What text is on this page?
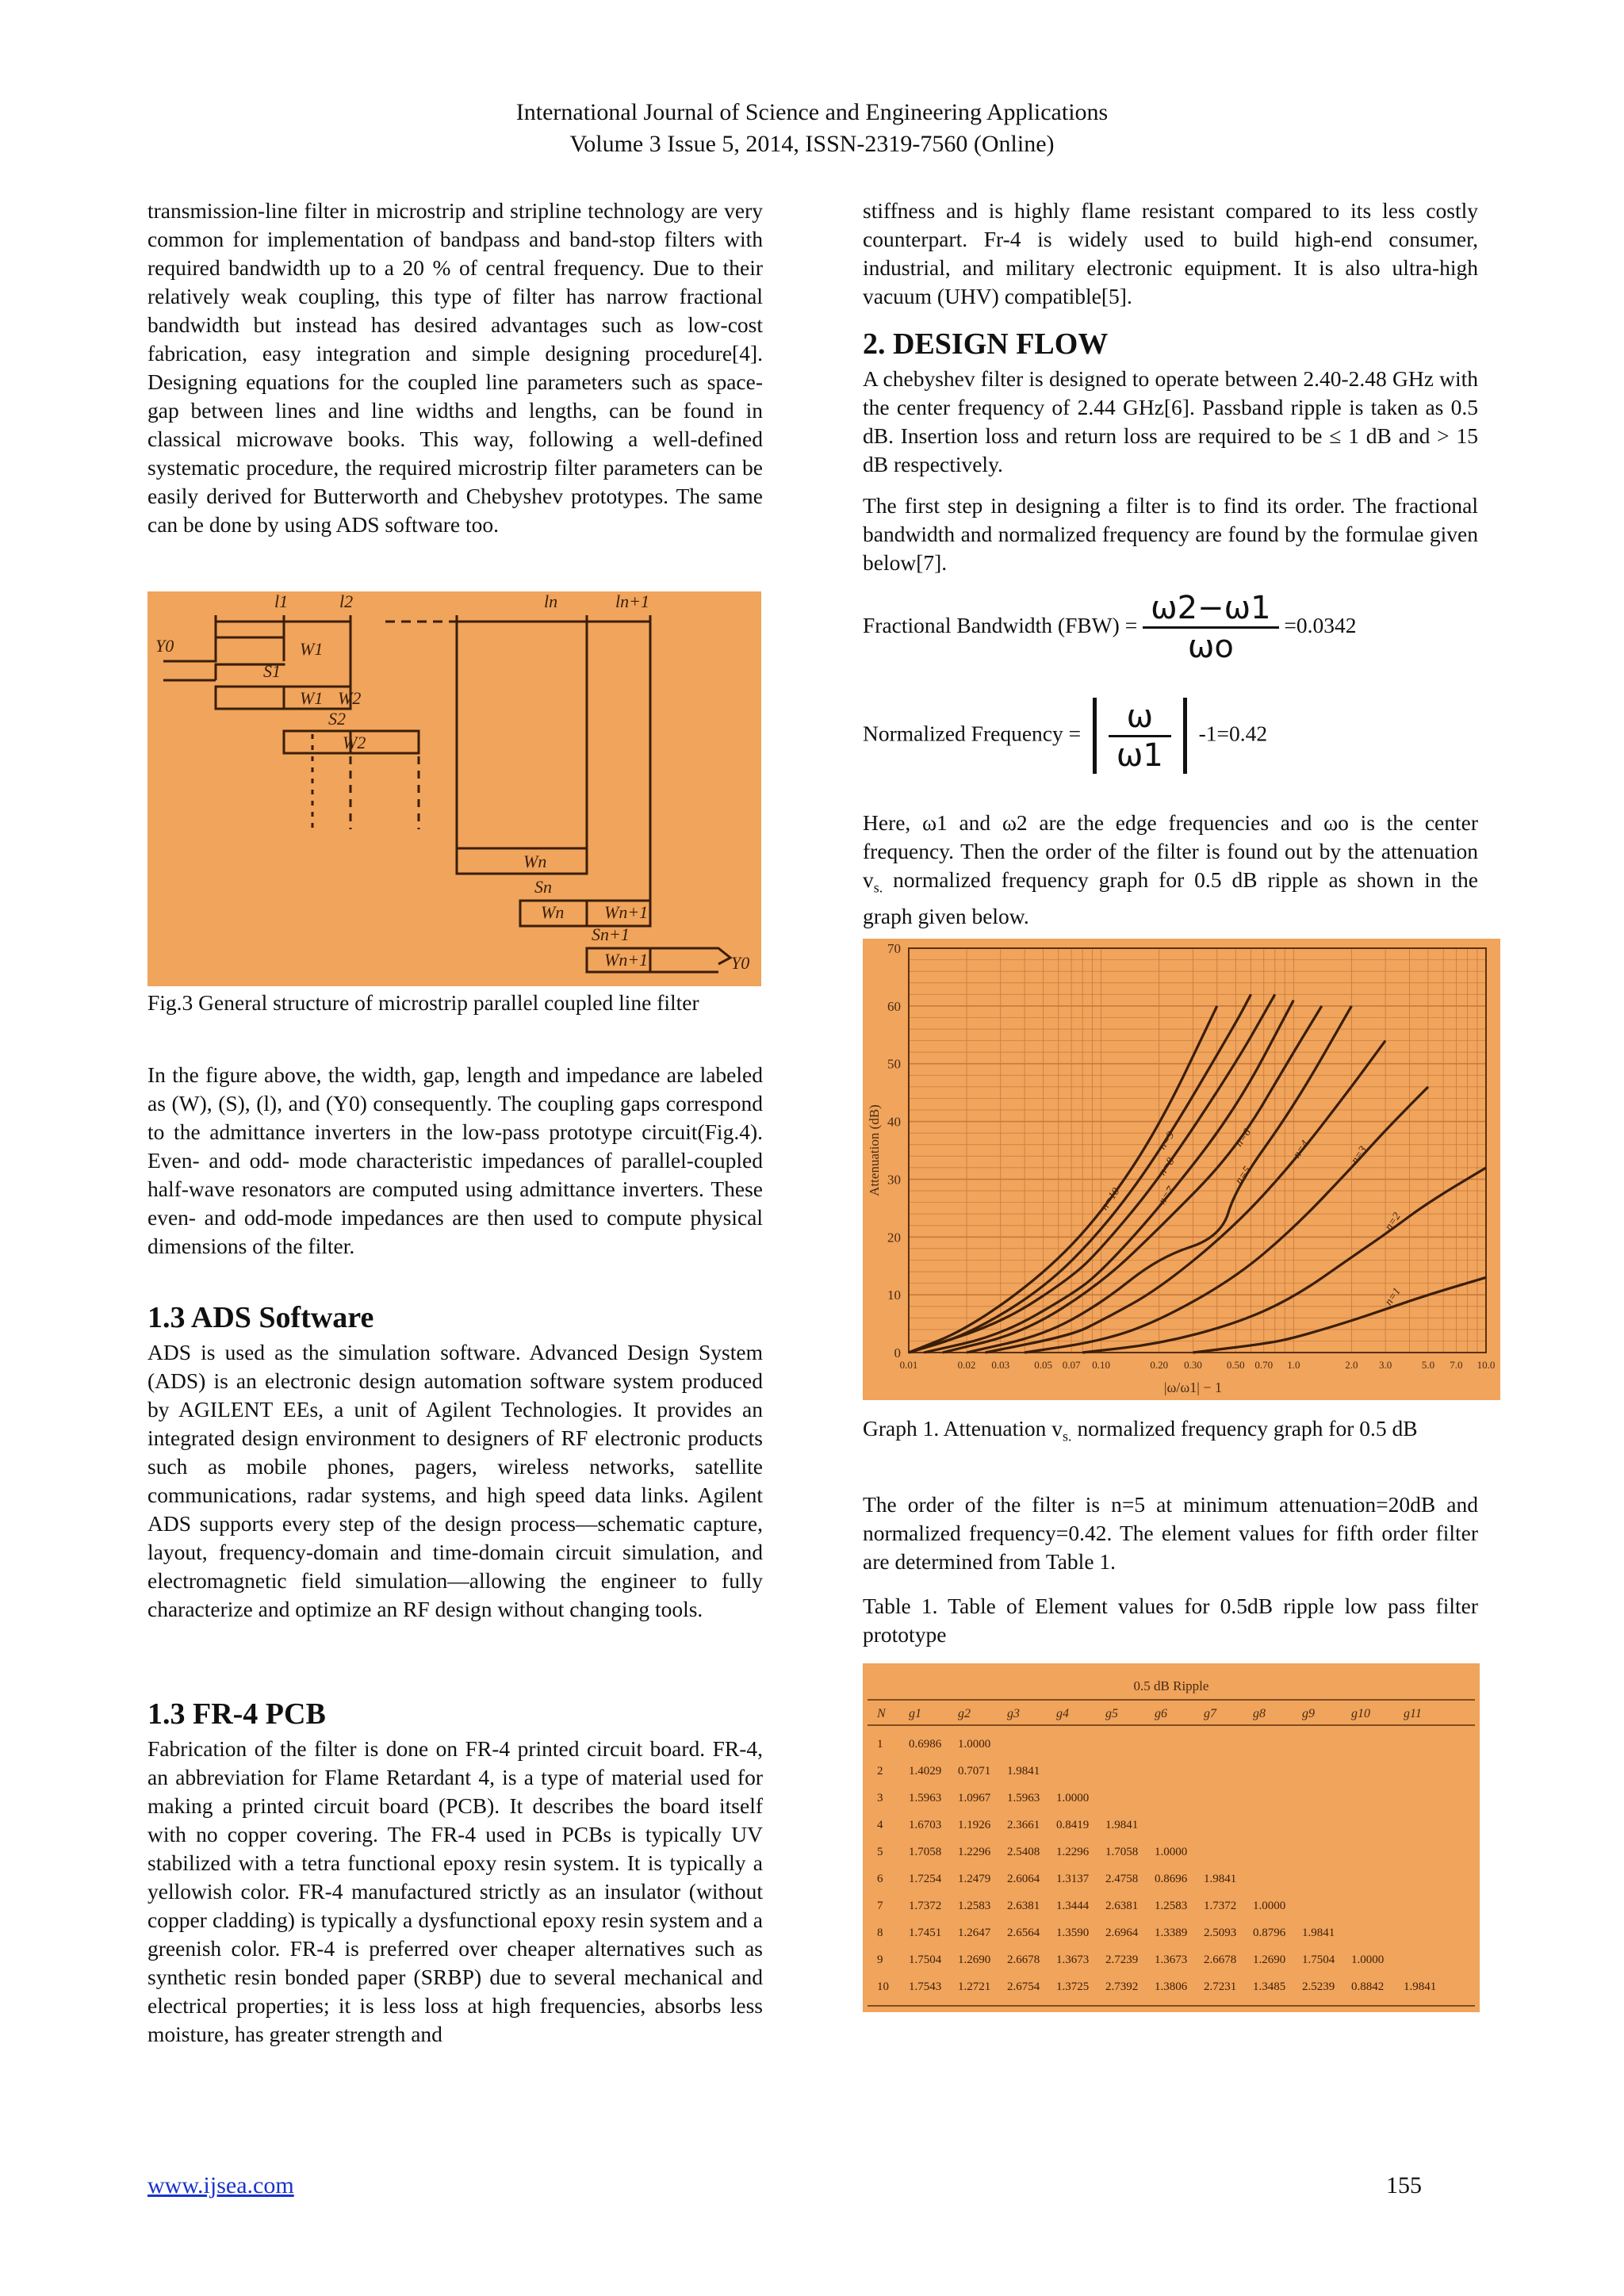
International Journal of Science and Engineering Applications
Volume 3 Issue 5, 2014, ISSN-2319-7560 (Online)

transmission-line filter in microstrip and stripline technology are very common for implementation of bandpass and band-stop filters with required bandwidth up to a 20 % of central frequency. Due to their relatively weak coupling, this type of filter has narrow fractional bandwidth but instead has desired advantages such as low-cost fabrication, easy integration and simple designing procedure[4]. Designing equations for the coupled line parameters such as space-gap between lines and line widths and lengths, can be found in classical microwave books. This way, following a well-defined systematic procedure, the required microstrip filter parameters can be easily derived for Butterworth and Chebyshev prototypes. The same can be done by using ADS software too.

l1	l2	ln	ln+1
Y0	W1
S1
W1 W2
S2
W2
Wn
Sn
Wn Wn+1
Sn+1
Wn+1	Y0
Fig.3 General structure of microstrip parallel coupled line filter

In the figure above, the width, gap, length and impedance are labeled as (W), (S), (l), and (Y0) consequently. The coupling gaps correspond to the admittance inverters in the low-pass prototype circuit(Fig.4). Even- and odd- mode characteristic impedances of parallel-coupled half-wave resonators are computed using admittance inverters. These even- and odd-mode impedances are then used to compute physical dimensions of the filter.

1.3 ADS Software

ADS is used as the simulation software. Advanced Design System (ADS) is an electronic design automation software system produced by AGILENT EEs, a unit of Agilent Technologies. It provides an integrated design environment to designers of RF electronic products such as mobile phones, pagers, wireless networks, satellite communications, radar systems, and high speed data links. Agilent ADS supports every step of the design process—schematic capture, layout, frequency-domain and time-domain circuit simulation, and electromagnetic field simulation—allowing the engineer to fully characterize and optimize an RF design without changing tools.

1.3 FR-4 PCB

Fabrication of the filter is done on FR-4 printed circuit board. FR-4, an abbreviation for Flame Retardant 4, is a type of material used for making a printed circuit board (PCB). It describes the board itself with no copper covering. The FR-4 used in PCBs is typically UV stabilized with a tetra functional epoxy resin system. It is typically a yellowish color. FR-4 manufactured strictly as an insulator (without copper cladding) is typically a dysfunctional epoxy resin system and a greenish color. FR-4 is preferred over cheaper alternatives such as synthetic resin bonded paper (SRBP) due to several mechanical and electrical properties; it is less loss at high frequencies, absorbs less moisture, has greater strength and

stiffness and is highly flame resistant compared to its less costly counterpart. Fr-4 is widely used to build high-end consumer, industrial, and military electronic equipment. It is also ultra-high vacuum (UHV) compatible[5].

2. DESIGN FLOW

A chebyshev filter is designed to operate between 2.40-2.48 GHz with the center frequency of 2.44 GHz[6]. Passband ripple is taken as 0.5 dB. Insertion loss and return loss are required to be ≤ 1 dB and > 15 dB respectively.

The first step in designing a filter is to find its order. The fractional bandwidth and normalized frequency are found by the formulae given below[7].

Fractional Bandwidth $(FBW) = \frac{\omega 2-\omega 1}{\omega o} =0.0342$
Normalized Frequency = $\frac{\omega}{\omega 1} -1=0.42$

Here, ω1 and ω2 are the edge frequencies and ωo is the center frequency. Then the order of the filter is found out by the attenuation $v_{s.}$ normalized frequency graph for 0.5 dB ripple as shown in the graph given below.

0
10
20
30
40
50
60
70
0.01	0.02 0.03 0.05 0.07 0.10	0.20 0.30 0.50 0.70 1.0	2.0 3.0	5.0 7.0 10.0
Attenuation (dB)
|ω/ω1| − 1
n=1
n=2
n=3
n=4
n=5
n=6
n=7
n=8
n=9
n=10
Graph 1. Attenuation $v_{s.}$ normalized frequency graph for 0.5 dB

The order of the filter is n=5 at minimum attenuation=20dB and normalized frequency=0.42. The element values for fifth order filter are determined from Table 1.

Table 1. Table of Element values for 0.5dB ripple low pass filter prototype
0.5 dB Ripple
N g1	g2	g3	g4	g5	g6	g7	g8	g9	g10	g11
1 0.6986 1.0000
2 1.4029 0.7071 1.9841
3 1.5963 1.0967 1.5963 1.0000
4 1.6703 1.1926 2.3661 0.8419 1.9841
5 1.7058 1.2296 2.5408 1.2296 1.7058 1.0000
6 1.7254 1.2479 2.6064 1.3137 2.4758 0.8696 1.9841
7 1.7372 1.2583 2.6381 1.3444 2.6381 1.2583 1.7372 1.0000
8 1.7451 1.2647 2.6564 1.3590 2.6964 1.3389 2.5093 0.8796 1.9841
9 1.7504 1.2690 2.6678 1.3673 2.7239 1.3673 2.6678 1.2690 1.7504 1.0000
10 1.7543 1.2721 2.6754 1.3725 2.7392 1.3806 2.7231 1.3485 2.5239 0.8842 1.9841
www.ijsea.com	155
